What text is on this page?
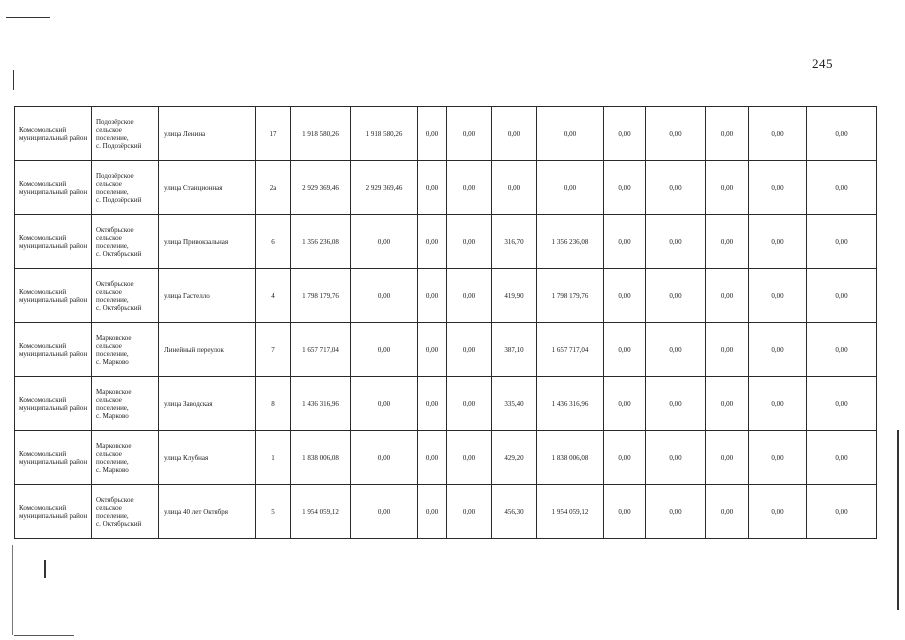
245
Комсомольский муниципальный район	Подозёрское
сельское
поселение,
с. Подозёрский	улица Ленина	17	1 918 580,26	1 918 580,26	0,00	0,00	0,00	0,00	0,00	0,00	0,00	0,00	0,00
Комсомольский муниципальный район	Подозёрское
сельское
поселение,
с. Подозёрский	улица Станционная	2а	2 929 369,46	2 929 369,46	0,00	0,00	0,00	0,00	0,00	0,00	0,00	0,00	0,00
Комсомольский муниципальный район	Октябрьское
сельское
поселение,
с. Октябрьский	улица Привокзальная	6	1 356 236,08	0,00	0,00	0,00	316,70	1 356 236,08	0,00	0,00	0,00	0,00	0,00
Комсомольский муниципальный район	Октябрьское
сельское
поселение,
с. Октябрьский	улица Гастелло	4	1 798 179,76	0,00	0,00	0,00	419,90	1 798 179,76	0,00	0,00	0,00	0,00	0,00
Комсомольский муниципальный район	Марковское
сельское
поселение,
с. Марково	Линейный переулок	7	1 657 717,04	0,00	0,00	0,00	387,10	1 657 717,04	0,00	0,00	0,00	0,00	0,00
Комсомольский муниципальный район	Марковское
сельское
поселение,
с. Марково	улица Заводская	8	1 436 316,96	0,00	0,00	0,00	335,40	1 436 316,96	0,00	0,00	0,00	0,00	0,00
Комсомольский муниципальный район	Марковское
сельское
поселение,
с. Марково	улица Клубная	1	1 838 006,08	0,00	0,00	0,00	429,20	1 838 006,08	0,00	0,00	0,00	0,00	0,00
Комсомольский муниципальный район	Октябрьское
сельское
поселение,
с. Октябрьский	улица 40 лет Октября	5	1 954 059,12	0,00	0,00	0,00	456,30	1 954 059,12	0,00	0,00	0,00	0,00	0,00
